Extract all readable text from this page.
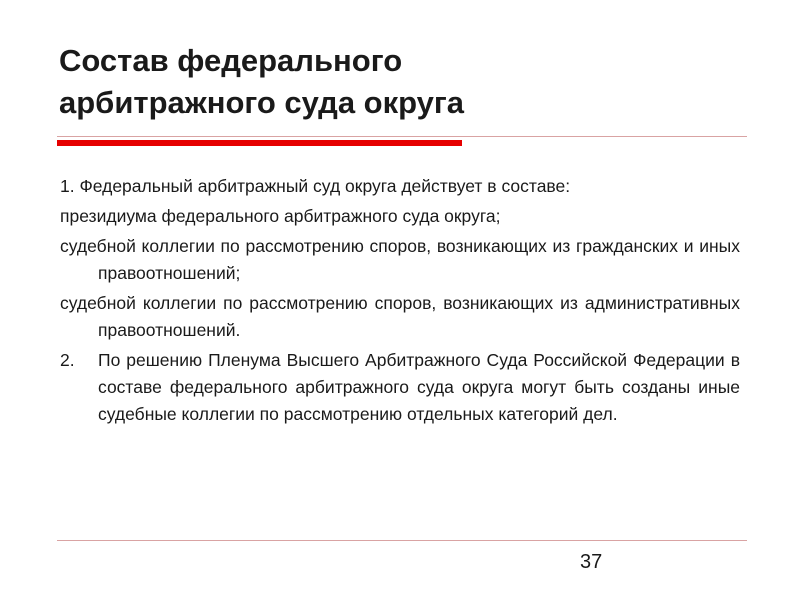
Состав федерального
арбитражного суда округа

1. Федеральный арбитражный суд округа действует в составе:

президиума федерального арбитражного суда округа;

судебной коллегии по рассмотрению споров, возникающих из гражданских и иных правоотношений;

судебной коллегии по рассмотрению споров, возникающих из административных правоотношений.

2.	По решению Пленума Высшего Арбитражного Суда Российской Федерации в составе федерального арбитражного суда округа могут быть созданы иные судебные коллегии по рассмотрению отдельных категорий дел.
37
